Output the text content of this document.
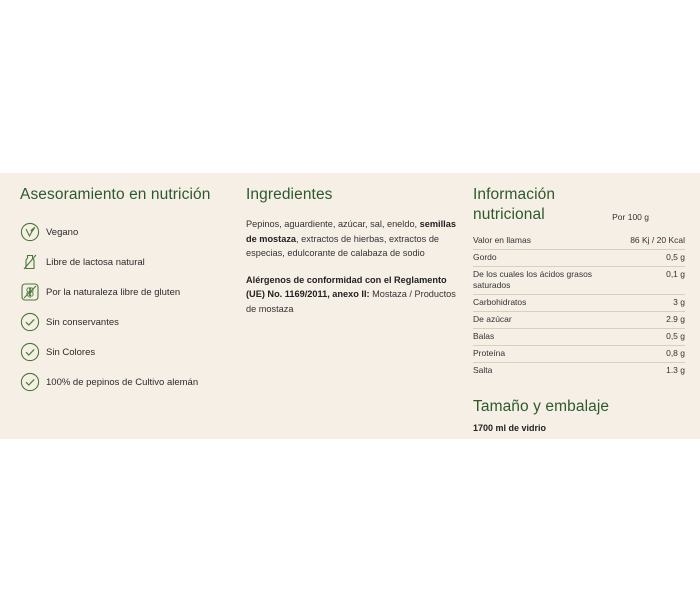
Asesoramiento en nutrición
Vegano
Libre de lactosa natural
Por la naturaleza libre de gluten
Sin conservantes
Sin Colores
100% de pepinos de Cultivo alemán
Ingredientes
Pepinos, aguardiente, azúcar, sal, eneldo, semillas de mostaza, extractos de hierbas, extractos de especias, edulcorante de calabaza de sodio
Alérgenos de conformidad con el Reglamento (UE) No. 1169/2011, anexo II: Mostaza / Productos de mostaza
Información nutricional	Por 100 g
Valor en llamas	86 Kj / 20 Kcal
Gordo	0,5 g
De los cuales los ácidos grasos saturados	0,1 g
Carbohidratos	3 g
De azúcar	2.9 g
Balas	0,5 g
Proteína	0,8 g
Salta	1.3 g
Tamaño y embalaje
1700 ml de vidrio
